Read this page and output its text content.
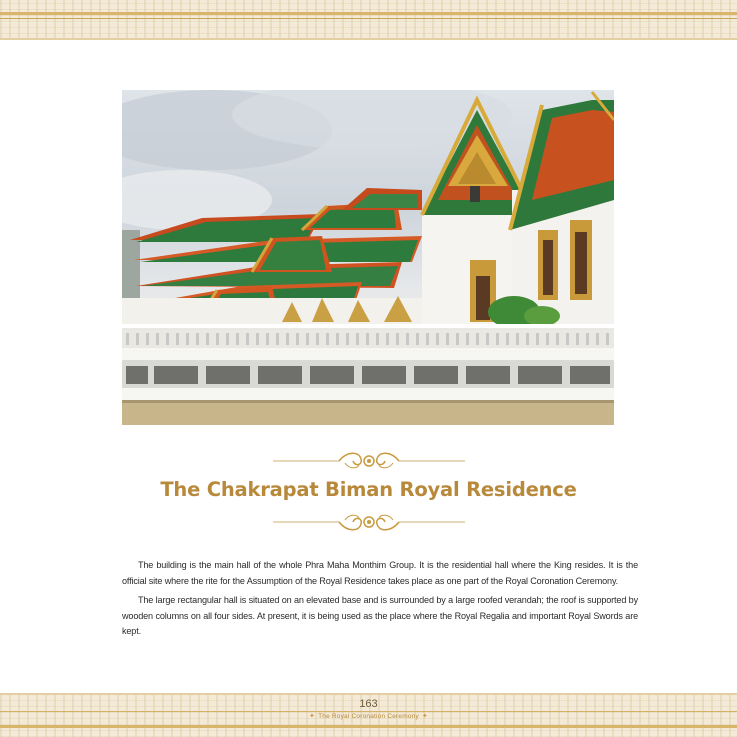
The Chakrapat Biman Royal Residence

The building is the main hall of the whole Phra Maha Monthim Group. It is the residential hall where the King resides. It is the official site where the rite for the Assumption of the Royal Residence takes place as one part of the Royal Coronation Ceremony.

The large rectangular hall is situated on an elevated base and is surrounded by a large roofed verandah; the roof is supported by wooden columns on all four sides. At present, it is being used as the place where the Royal Regalia and important Royal Swords are kept.

163
✦ The Royal Coronation Ceremony ✦
